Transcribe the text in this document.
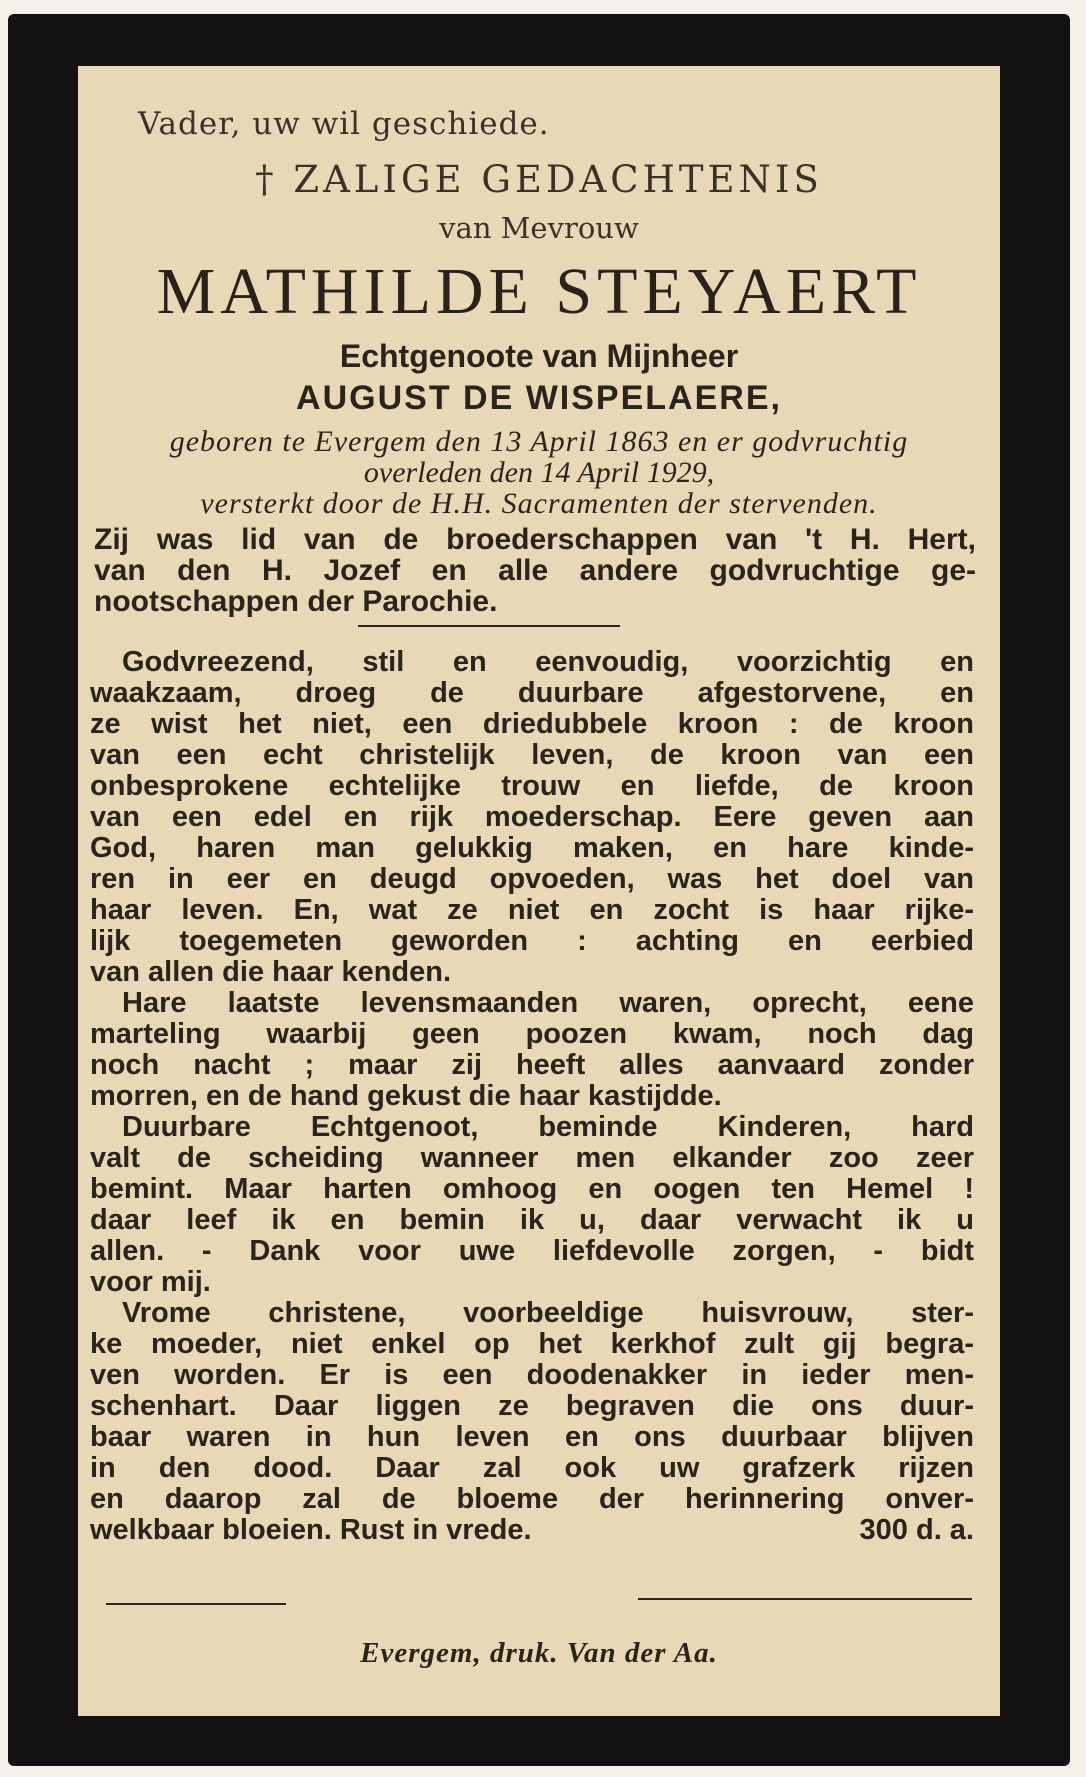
Vader, uw wil geschiede.
† ZALIGE GEDACHTENIS
van Mevrouw
MATHILDE STEYAERT
Echtgenoote van Mijnheer
AUGUST DE WISPELAERE,
geboren te Evergem den 13 April 1863 en er godvruchtig
overleden den 14 April 1929,
versterkt door de H.H. Sacramenten der stervenden.
Zij was lid van de broederschappen van 't H. Hert,
van den H. Jozef en alle andere godvruchtige ge-
nootschappen der Parochie.
Godvreezend, stil en eenvoudig, voorzichtig en
waakzaam, droeg de duurbare afgestorvene, en
ze wist het niet, een driedubbele kroon : de kroon
van een echt christelijk leven, de kroon van een
onbesprokene echtelijke trouw en liefde, de kroon
van een edel en rijk moederschap. Eere geven aan
God, haren man gelukkig maken, en hare kinde-
ren in eer en deugd opvoeden, was het doel van
haar leven. En, wat ze niet en zocht is haar rijke-
lijk toegemeten geworden : achting en eerbied
van allen die haar kenden.
Hare laatste levensmaanden waren, oprecht, eene
marteling waarbij geen poozen kwam, noch dag
noch nacht ; maar zij heeft alles aanvaard zonder
morren, en de hand gekust die haar kastijdde.
Duurbare Echtgenoot, beminde Kinderen, hard
valt de scheiding wanneer men elkander zoo zeer
bemint. Maar harten omhoog en oogen ten Hemel !
daar leef ik en bemin ik u, daar verwacht ik u
allen. - Dank voor uwe liefdevolle zorgen, - bidt
voor mij.
Vrome christene, voorbeeldige huisvrouw, ster-
ke moeder, niet enkel op het kerkhof zult gij begra-
ven worden. Er is een doodenakker in ieder men-
schenhart. Daar liggen ze begraven die ons duur-
baar waren in hun leven en ons duurbaar blijven
in den dood. Daar zal ook uw grafzerk rijzen
en daarop zal de bloeme der herinnering onver-
welkbaar bloeien. Rust in vrede.	300 d. a.
Evergem, druk. Van der Aa.
